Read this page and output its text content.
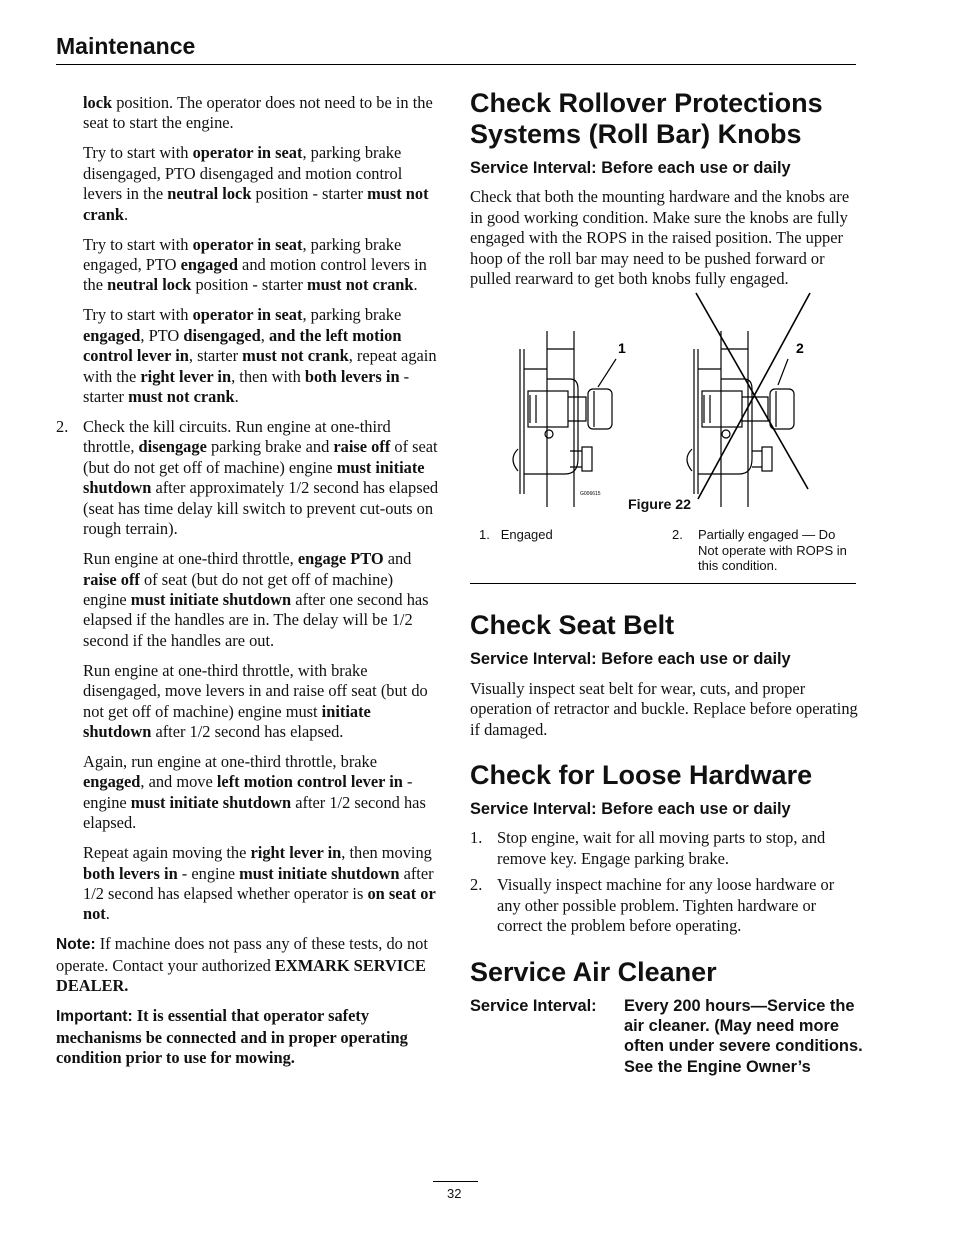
Maintenance

lock position. The operator does not need to be in the seat to start the engine.

Try to start with operator in seat, parking brake disengaged, PTO disengaged and motion control levers in the neutral lock position - starter must not crank.

Try to start with operator in seat, parking brake engaged, PTO engaged and motion control levers in the neutral lock position - starter must not crank.

Try to start with operator in seat, parking brake engaged, PTO disengaged, and the left motion control lever in, starter must not crank, repeat again with the right lever in, then with both levers in - starter must not crank.

2. Check the kill circuits. Run engine at one-third throttle, disengage parking brake and raise off of seat (but do not get off of machine) engine must initiate shutdown after approximately 1/2 second has elapsed (seat has time delay kill switch to prevent cut-outs on rough terrain).

Run engine at one-third throttle, engage PTO and raise off of seat (but do not get off of machine) engine must initiate shutdown after one second has elapsed if the handles are in. The delay will be 1/2 second if the handles are out.

Run engine at one-third throttle, with brake disengaged, move levers in and raise off seat (but do not get off of machine) engine must initiate shutdown after 1/2 second has elapsed.

Again, run engine at one-third throttle, brake engaged, and move left motion control lever in - engine must initiate shutdown after 1/2 second has elapsed.

Repeat again moving the right lever in, then moving both levers in - engine must initiate shutdown after 1/2 second has elapsed whether operator is on seat or not.

Note: If machine does not pass any of these tests, do not operate. Contact your authorized EXMARK SERVICE DEALER.

Important: It is essential that operator safety mechanisms be connected and in proper operating condition prior to use for mowing.

Check Rollover Protections Systems (Roll Bar) Knobs
Service Interval: Before each use or daily

Check that both the mounting hardware and the knobs are in good working condition. Make sure the knobs are fully engaged with the ROPS in the raised position. The upper hoop of the roll bar may need to be pushed forward or pulled rearward to get both knobs fully engaged.

1	2
G006615
Figure 22
1. Engaged	2. Partially engaged — Do Not operate with ROPS in this condition.
Check Seat Belt
Service Interval: Before each use or daily

Visually inspect seat belt for wear, cuts, and proper operation of retractor and buckle. Replace before operating if damaged.

Check for Loose Hardware
Service Interval: Before each use or daily

1. Stop engine, wait for all moving parts to stop, and remove key. Engage parking brake.

2. Visually inspect machine for any loose hardware or any other possible problem. Tighten hardware or correct the problem before operating.

Service Air Cleaner
Service Interval: Every 200 hours—Service the air cleaner. (May need more often under severe conditions. See the Engine Owner’s
32
